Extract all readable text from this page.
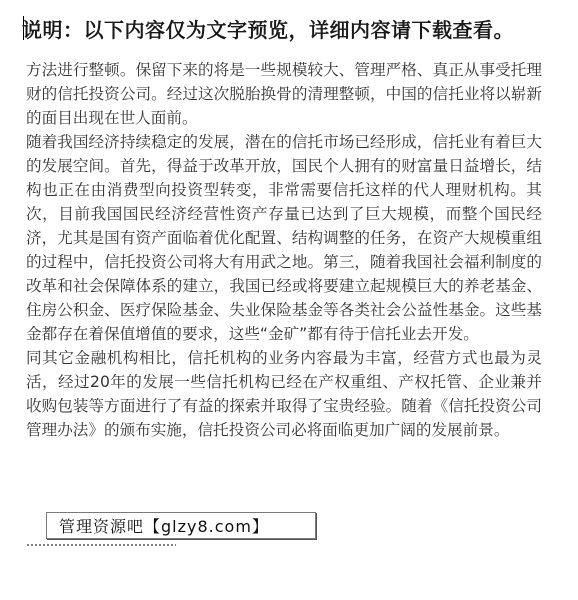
说明：以下内容仅为文字预览，详细内容请下载查看。

方法进行整顿。保留下来的将是一些规模较大、管理严格、真正从事受托理财的信托投资公司。经过这次脱胎换骨的清理整顿，中国的信托业将以崭新的面目出现在世人面前。

随着我国经济持续稳定的发展，潜在的信托市场已经形成，信托业有着巨大的发展空间。首先，得益于改革开放，国民个人拥有的财富量日益增长，结构也正在由消费型向投资型转变，非常需要信托这样的代人理财机构。其次，目前我国国民经济经营性资产存量已达到了巨大规模，而整个国民经济，尤其是国有资产面临着优化配置、结构调整的任务，在资产大规模重组的过程中，信托投资公司将大有用武之地。第三，随着我国社会福利制度的改革和社会保障体系的建立，我国已经或将要建立起规模巨大的养老基金、住房公积金、医疗保险基金、失业保险基金等各类社会公益性基金。这些基金都存在着保值增值的要求，这些“金矿”都有待于信托业去开发。

同其它金融机构相比，信托机构的业务内容最为丰富，经营方式也最为灵活，经过20年的发展一些信托机构已经在产权重组、产权托管、企业兼并收购包装等方面进行了有益的探索并取得了宝贵经验。随着《信托投资公司管理办法》的颁布实施，信托投资公司必将面临更加广阔的发展前景。

管理资源吧【glzy8.com】
